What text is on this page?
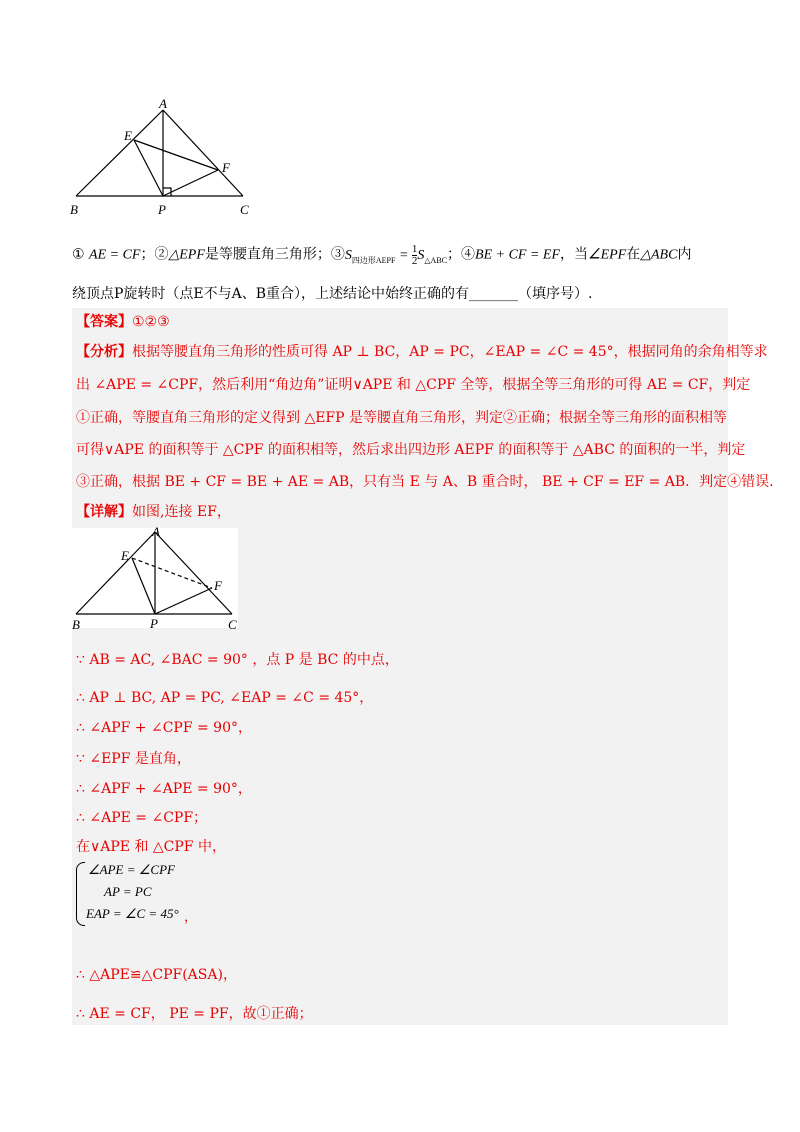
A
E
F
B	P	C
① AE = CF；②△EPF是等腰直角三角形；$③S_{四边形AEPF} = \frac{1}{2} S_{\triangle ABC}$；④BE + CF = EF，当∠EPF在△ABC内
绕顶点P旋转时（点E不与A、B重合），上述结论中始终正确的有_______（填序号）.
【答案】①②③
【分析】根据等腰直角三角形的性质可得 AP ⊥ BC，AP = PC，∠EAP = ∠C = 45°，根据同角的余角相等求
出 ∠APE = ∠CPF，然后利用“角边角”证明∨APE 和 △CPF 全等，根据全等三角形的可得 AE = CF，判定
①正确，等腰直角三角形的定义得到 △EFP 是等腰直角三角形，判定②正确；根据全等三角形的面积相等
可得∨APE 的面积等于 △CPF 的面积相等，然后求出四边形 AEPF 的面积等于 △ABC 的面积的一半，判定
③正确，根据 BE + CF = BE + AE = AB，只有当 E 与 A、B 重合时， BE + CF = EF = AB．判定④错误.
【详解】如图,连接 EF，
A
E
F
B	P	C
∵ AB = AC, ∠BAC = 90° ，点 P 是 BC 的中点，
∴ AP ⊥ BC, AP = PC, ∠EAP = ∠C = 45°，
∴ ∠APF + ∠CPF = 90°，
∵ ∠EPF 是直角，
∴ ∠APF + ∠APE = 90°，
∴ ∠APE = ∠CPF；
在∨APE 和 △CPF 中，
∠APE = ∠CPF
AP = PC
EAP = ∠C = 45° ，
∴ △APE≌△CPF(ASA)，
∴ AE = CF， PE = PF，故①正确；
